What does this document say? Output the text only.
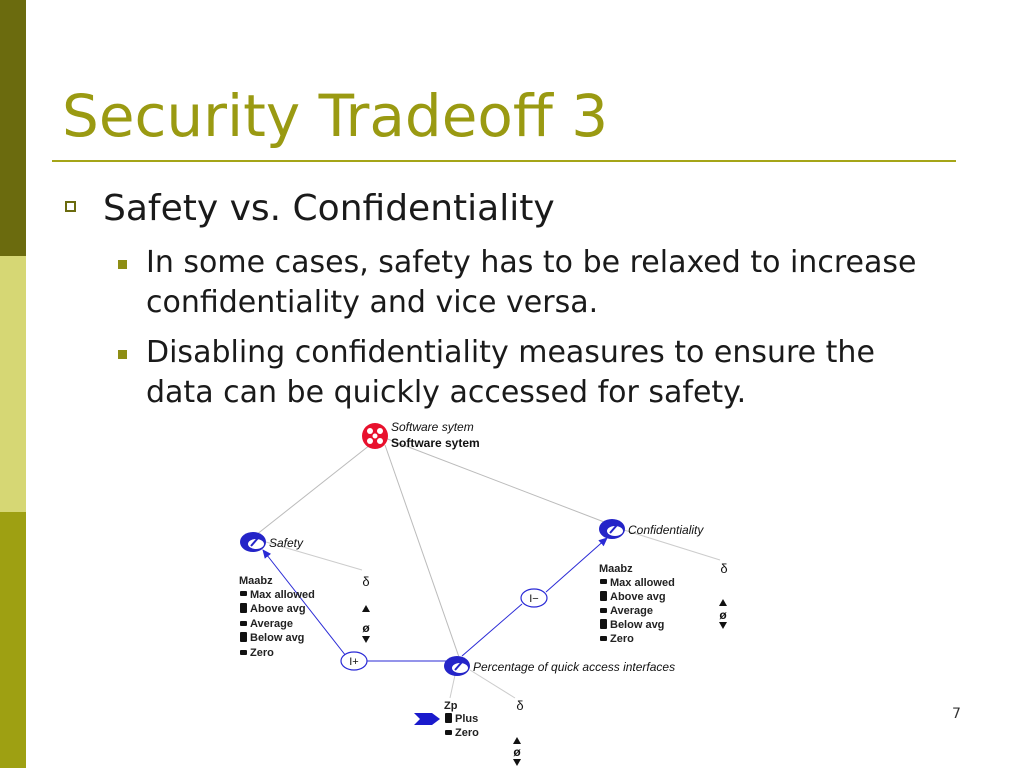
Security Tradeoff 3
Safety vs. Confidentiality
In some cases, safety has to be relaxed to increase confidentiality and vice versa.
Disabling confidentiality measures to ensure the data can be quickly accessed for safety.
7
Software sytem
Software sytem
Safety
Confidentiality
Percentage of quick access interfaces
I+
I−
Maabz
Max allowed
Above avg
Average
Below avg
Zero
δ
ø
Maabz
Max allowed
Above avg
Average
Below avg
Zero
δ
ø
Zp
Plus
Zero
δ
ø
